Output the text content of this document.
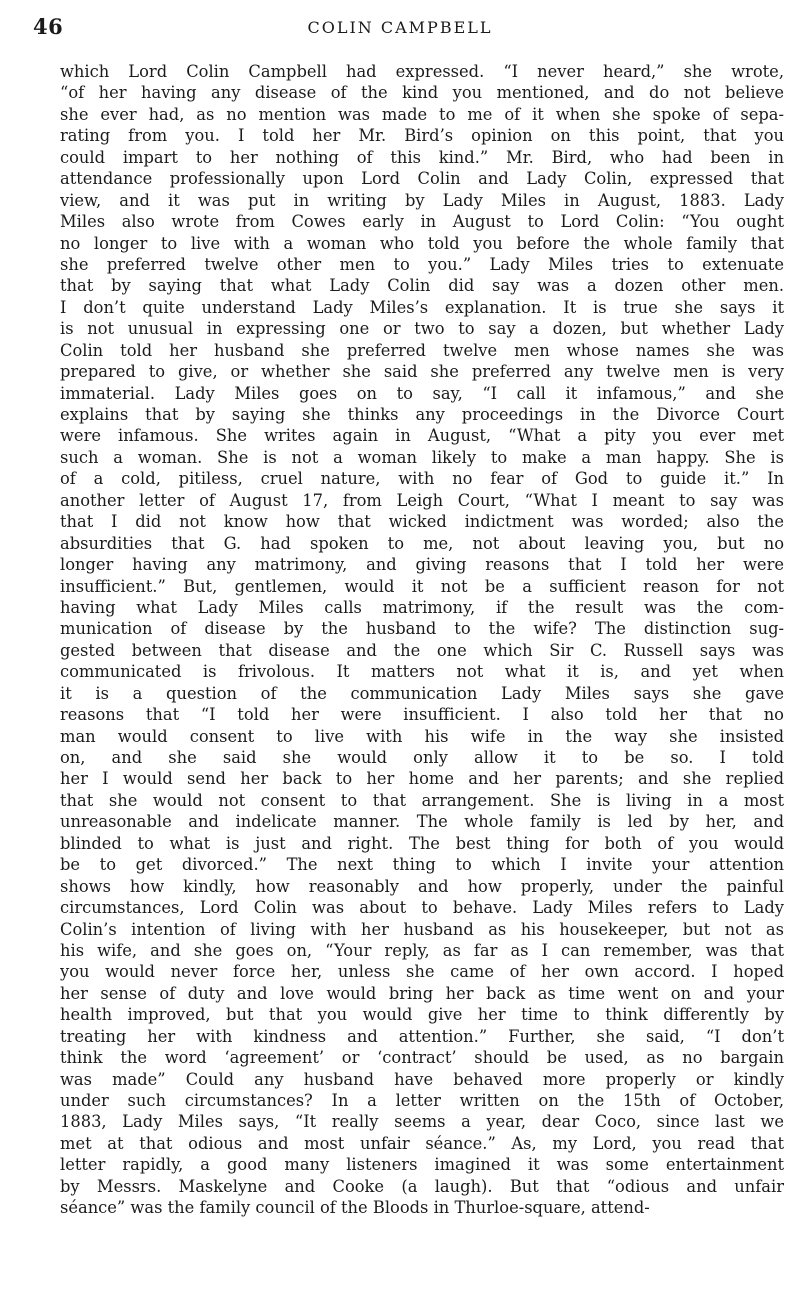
46	COLIN CAMPBELL
which Lord Colin Campbell had expressed. “I never heard,” she wrote,
“of her having any disease of the kind you mentioned, and do not believe
she ever had, as no mention was made to me of it when she spoke of sepa-
rating from you. I told her Mr. Bird’s opinion on this point, that you
could impart to her nothing of this kind.” Mr. Bird, who had been in
attendance professionally upon Lord Colin and Lady Colin, expressed that
view, and it was put in writing by Lady Miles in August, 1883. Lady
Miles also wrote from Cowes early in August to Lord Colin: “You ought
no longer to live with a woman who told you before the whole family that
she preferred twelve other men to you.” Lady Miles tries to extenuate
that by saying that what Lady Colin did say was a dozen other men.
I don’t quite understand Lady Miles’s explanation. It is true she says it
is not unusual in expressing one or two to say a dozen, but whether Lady
Colin told her husband she preferred twelve men whose names she was
prepared to give, or whether she said she preferred any twelve men is very
immaterial. Lady Miles goes on to say, “I call it infamous,” and she
explains that by saying she thinks any proceedings in the Divorce Court
were infamous. She writes again in August, “What a pity you ever met
such a woman. She is not a woman likely to make a man happy. She is
of a cold, pitiless, cruel nature, with no fear of God to guide it.” In
another letter of August 17, from Leigh Court, “What I meant to say was
that I did not know how that wicked indictment was worded; also the
absurdities that G. had spoken to me, not about leaving you, but no
longer having any matrimony, and giving reasons that I told her were
insufficient.” But, gentlemen, would it not be a sufficient reason for not
having what Lady Miles calls matrimony, if the result was the com-
munication of disease by the husband to the wife? The distinction sug-
gested between that disease and the one which Sir C. Russell says was
communicated is frivolous. It matters not what it is, and yet when
it is a question of the communication Lady Miles says she gave
reasons that “I told her were insufficient. I also told her that no
man would consent to live with his wife in the way she insisted
on, and she said she would only allow it to be so. I told
her I would send her back to her home and her parents; and she replied
that she would not consent to that arrangement. She is living in a most
unreasonable and indelicate manner. The whole family is led by her, and
blinded to what is just and right. The best thing for both of you would
be to get divorced.” The next thing to which I invite your attention
shows how kindly, how reasonably and how properly, under the painful
circumstances, Lord Colin was about to behave. Lady Miles refers to Lady
Colin’s intention of living with her husband as his housekeeper, but not as
his wife, and she goes on, “Your reply, as far as I can remember, was that
you would never force her, unless she came of her own accord. I hoped
her sense of duty and love would bring her back as time went on and your
health improved, but that you would give her time to think differently by
treating her with kindness and attention.” Further, she said, “I don’t
think the word ‘agreement’ or ‘contract’ should be used, as no bargain
was made” Could any husband have behaved more properly or kindly
under such circumstances? In a letter written on the 15th of October,
1883, Lady Miles says, “It really seems a year, dear Coco, since last we
met at that odious and most unfair séance.” As, my Lord, you read that
letter rapidly, a good many listeners imagined it was some entertainment
by Messrs. Maskelyne and Cooke (a laugh). But that “odious and unfair
séance” was the family council of the Bloods in Thurloe-square, attend-
